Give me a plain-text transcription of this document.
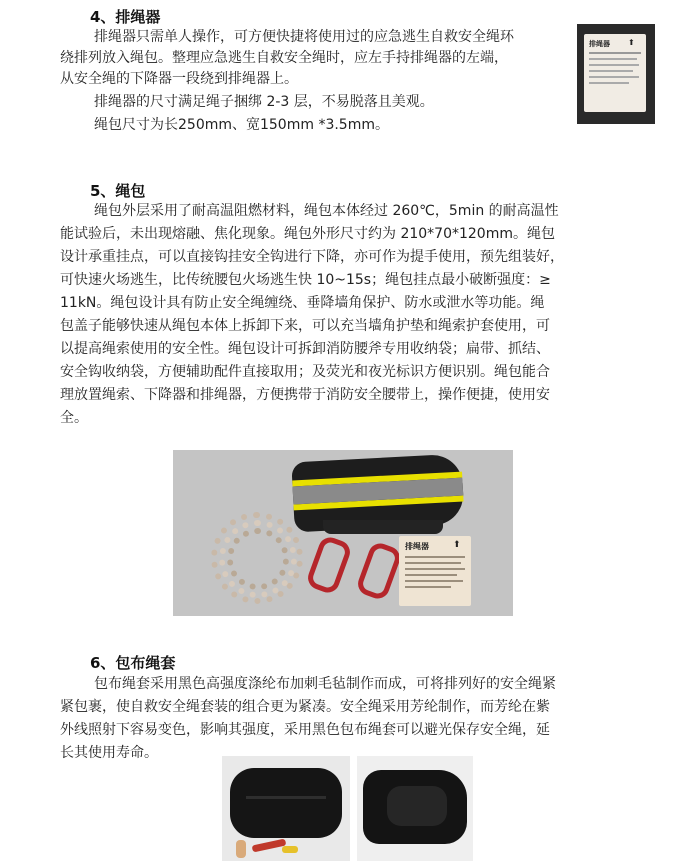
4、排绳器
排绳器只需单人操作，可方便快捷将使用过的应急逃生自救安全绳环
绕排列放入绳包。整理应急逃生自救安全绳时，应左手持排绳器的左端，
从安全绳的下降器一段绕到排绳器上。
排绳器的尺寸满足绳子捆绑 2-3 层，不易脱落且美观。
绳包尺寸为长250mm、宽150mm *3.5mm。
排绳器 ⬆
5、绳包
绳包外层采用了耐高温阻燃材料，绳包本体经过 260℃，5min 的耐高温性
能试验后，未出现熔融、焦化现象。绳包外形尺寸约为 210*70*120mm。绳包
设计承重挂点，可以直接钩挂安全钩进行下降，亦可作为提手使用，预先组装好，
可快速火场逃生，比传统腰包火场逃生快 10~15s；绳包挂点最小破断强度：≥
11kN。绳包设计具有防止安全绳缠绕、垂降墙角保护、防水或泄水等功能。绳
包盖子能够快速从绳包本体上拆卸下来，可以充当墙角护垫和绳索护套使用，可
以提高绳索使用的安全性。绳包设计可拆卸消防腰斧专用收纳袋；扁带、抓结、
安全钩收纳袋，方便辅助配件直接取用；及荧光和夜光标识方便识别。绳包能合
理放置绳索、下降器和排绳器，方便携带于消防安全腰带上，操作便捷，使用安
全。
排绳器	⬆
6、包布绳套
包布绳套采用黑色高强度涤纶布加刺毛毡制作而成，可将排列好的安全绳紧
紧包裹，使自救安全绳套装的组合更为紧凑。安全绳采用芳纶制作，而芳纶在紫
外线照射下容易变色，影响其强度，采用黑色包布绳套可以避光保存安全绳，延
长其使用寿命。
